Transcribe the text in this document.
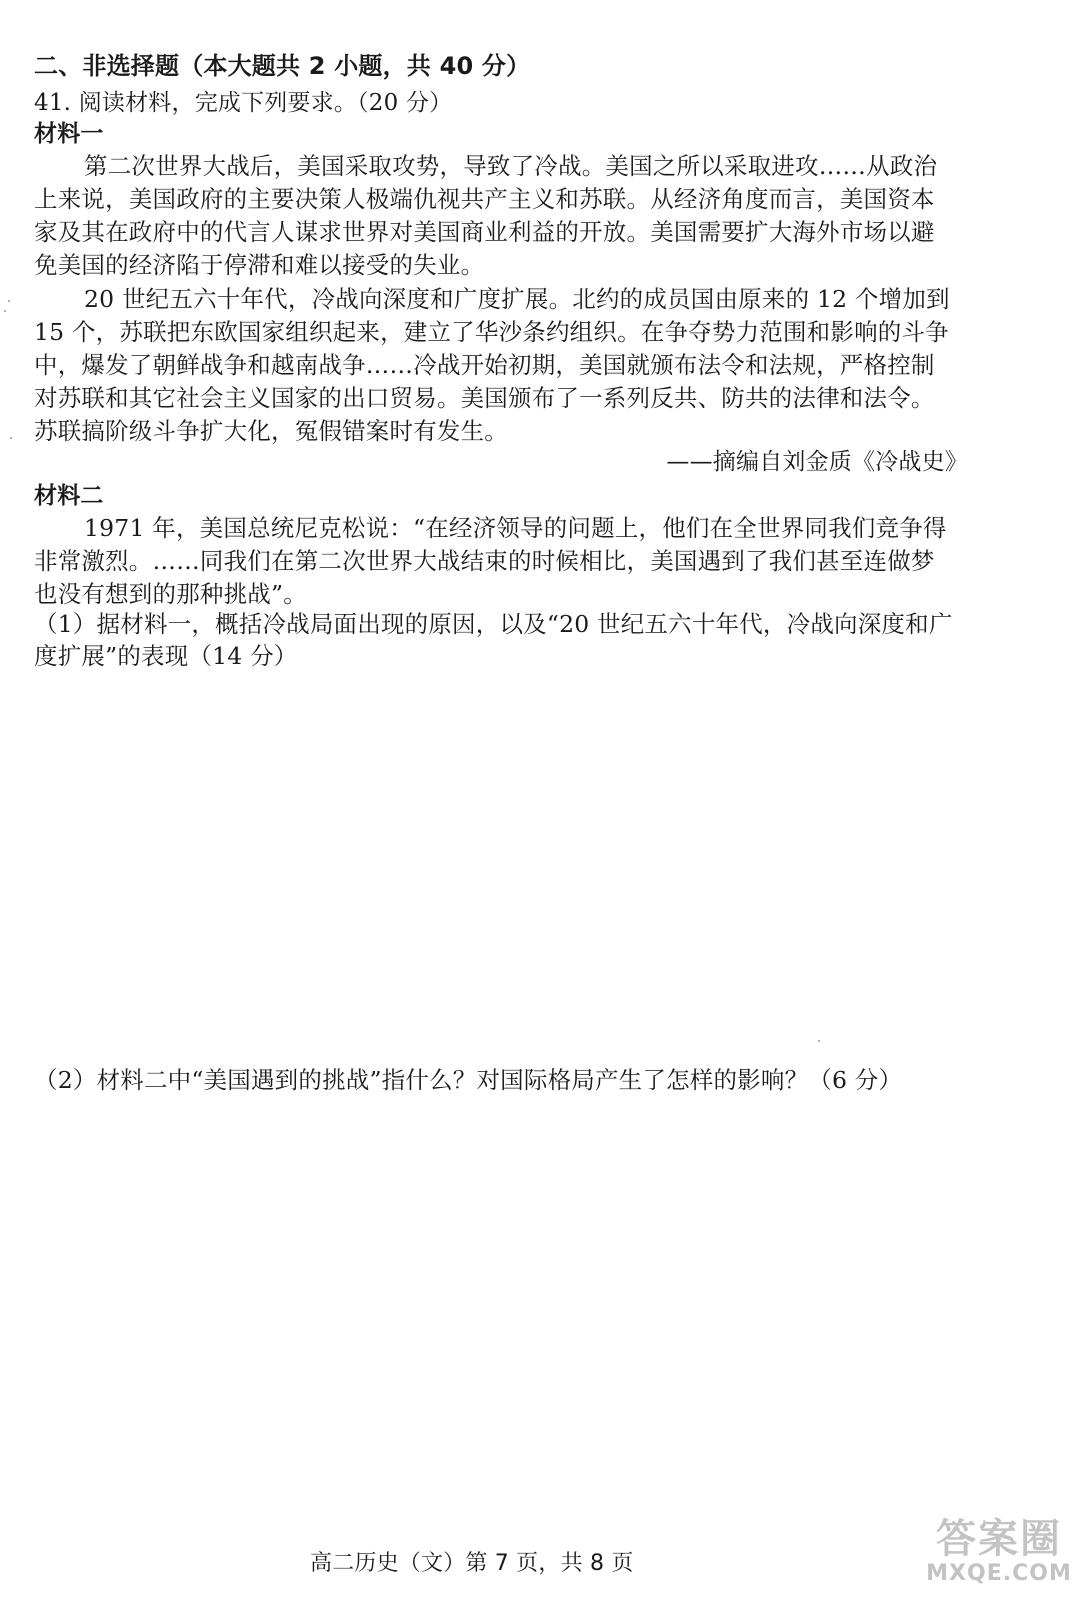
二、非选择题（本大题共 2 小题，共 40 分）
41. 阅读材料，完成下列要求。（20 分）
材料一
第二次世界大战后，美国采取攻势，导致了冷战。美国之所以采取进攻……从政治
上来说，美国政府的主要决策人极端仇视共产主义和苏联。从经济角度而言，美国资本
家及其在政府中的代言人谋求世界对美国商业利益的开放。美国需要扩大海外市场以避
免美国的经济陷于停滞和难以接受的失业。
20 世纪五六十年代，冷战向深度和广度扩展。北约的成员国由原来的 12 个增加到
15 个，苏联把东欧国家组织起来，建立了华沙条约组织。在争夺势力范围和影响的斗争
中，爆发了朝鲜战争和越南战争……冷战开始初期，美国就颁布法令和法规，严格控制
对苏联和其它社会主义国家的出口贸易。美国颁布了一系列反共、防共的法律和法令。
苏联搞阶级斗争扩大化，冤假错案时有发生。
——摘编自刘金质《冷战史》
材料二
1971 年，美国总统尼克松说：“在经济领导的问题上，他们在全世界同我们竞争得
非常激烈。……同我们在第二次世界大战结束的时候相比，美国遇到了我们甚至连做梦
也没有想到的那种挑战”。
（1）据材料一，概括冷战局面出现的原因，以及“20 世纪五六十年代，冷战向深度和广
度扩展”的表现（14 分）
（2）材料二中“美国遇到的挑战”指什么？对国际格局产生了怎样的影响？（6 分）
高二历史（文）第 7 页，共 8 页
答案圈
MXQE.COM
